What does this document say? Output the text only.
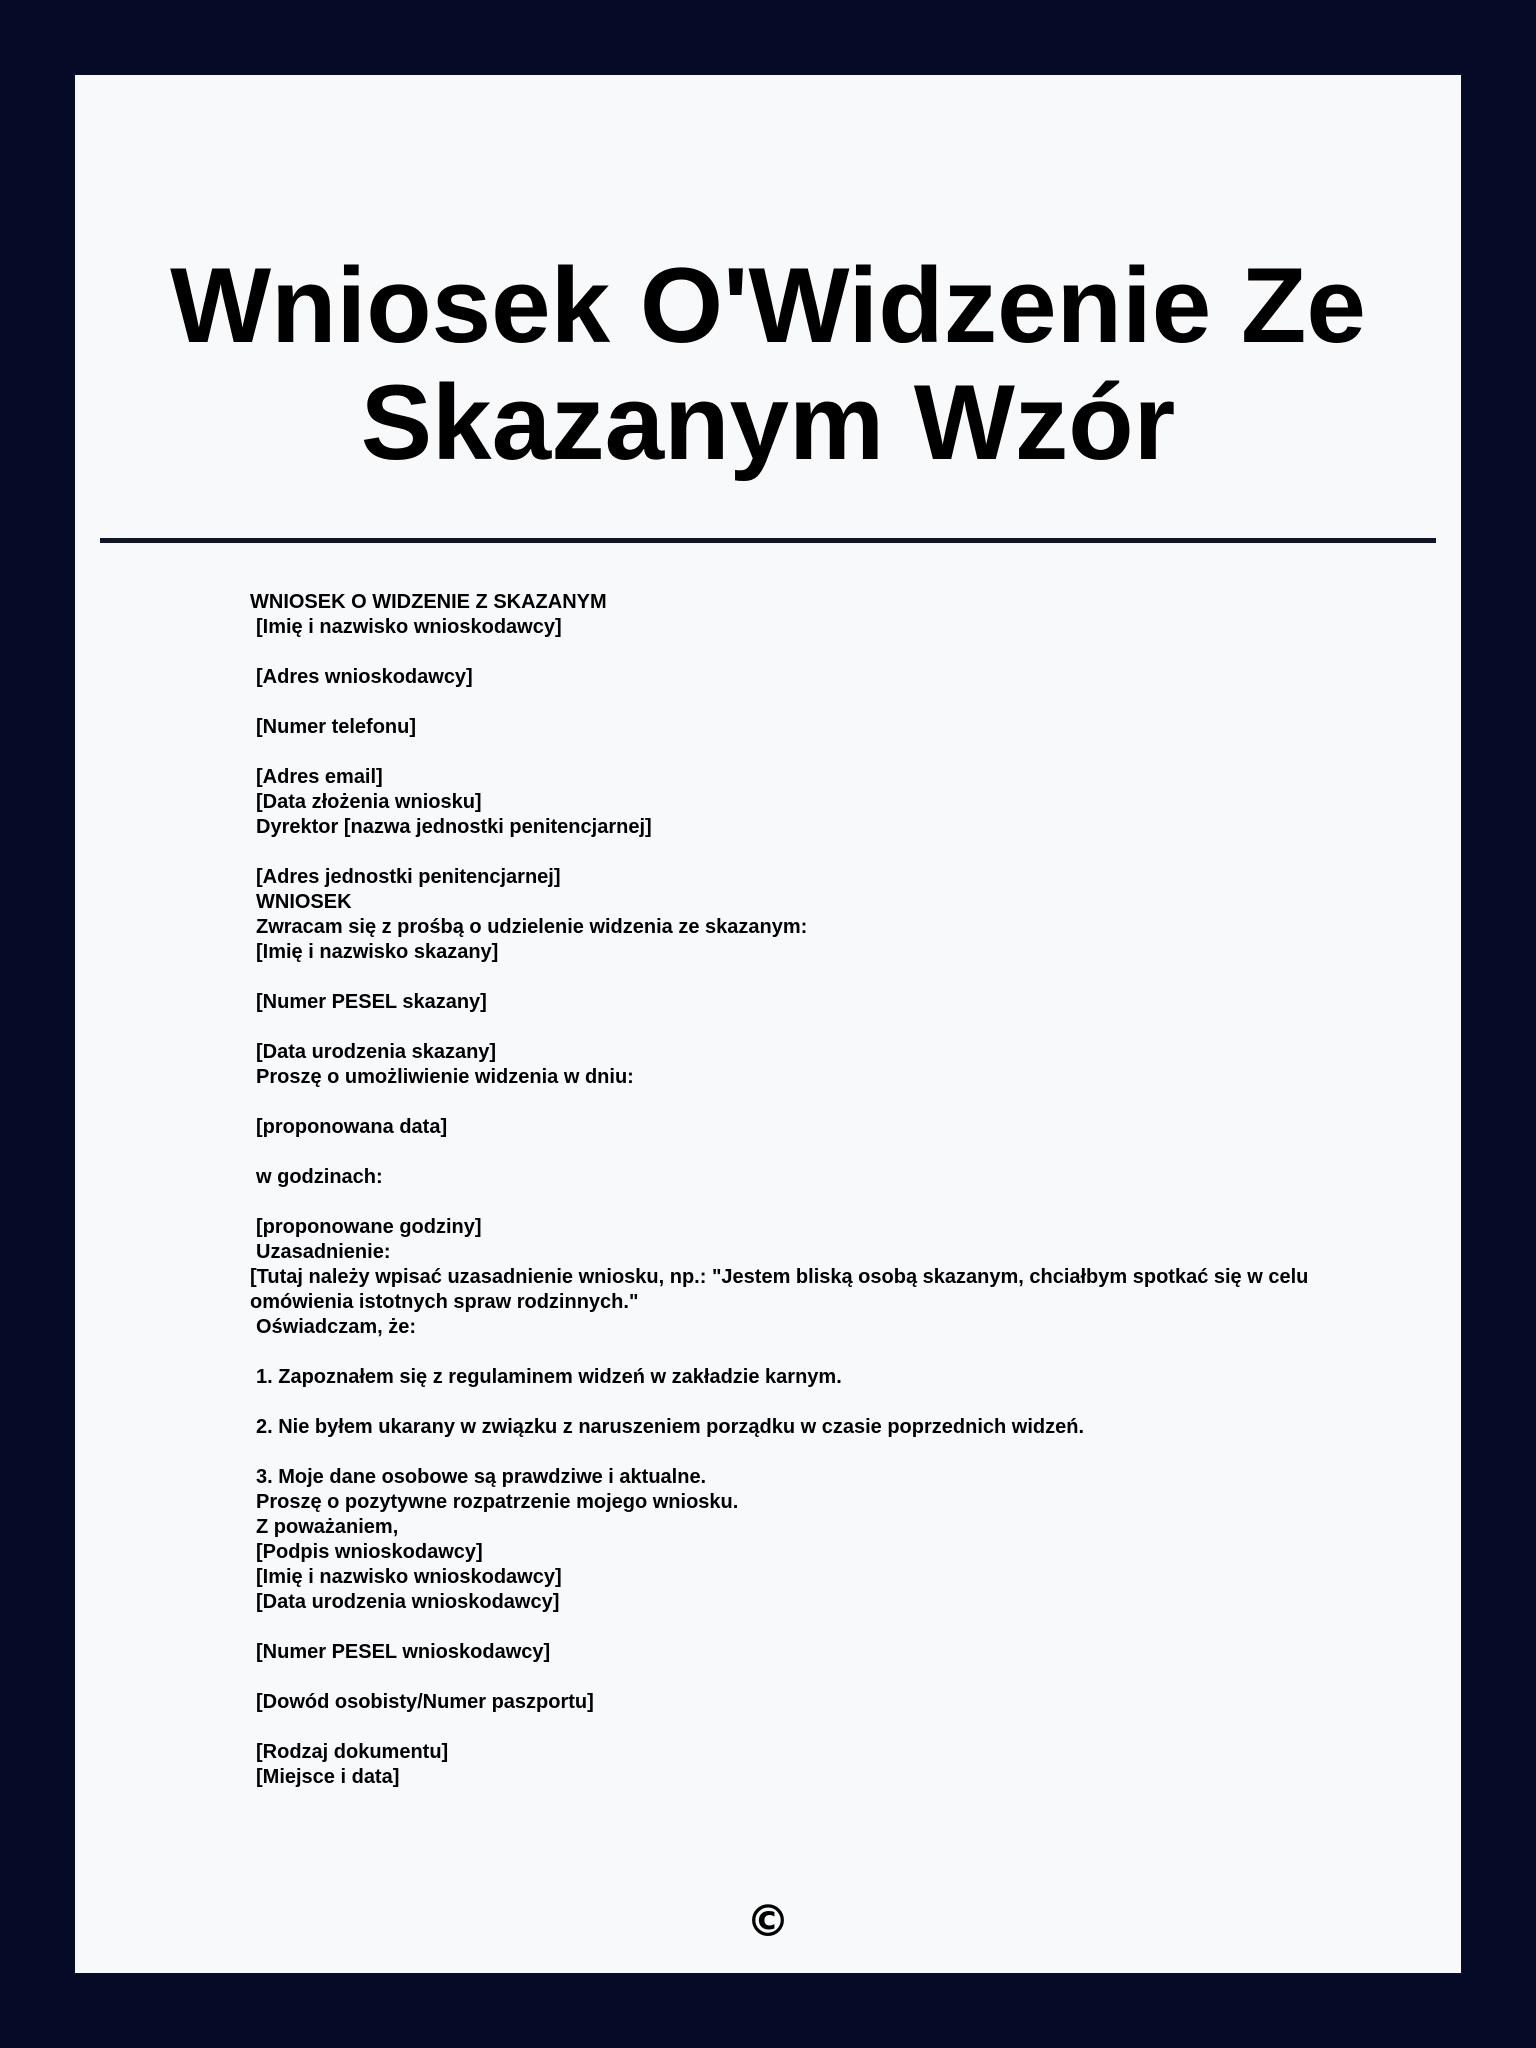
Wniosek O'Widzenie Ze Skazanym Wzór
WNIOSEK O WIDZENIE Z SKAZANYM
[Imię i nazwisko wnioskodawcy]
[Adres wnioskodawcy]
[Numer telefonu]
[Adres email]
[Data złożenia wniosku]
Dyrektor [nazwa jednostki penitencjarnej]
[Adres jednostki penitencjarnej]
WNIOSEK
Zwracam się z prośbą o udzielenie widzenia ze skazanym:
[Imię i nazwisko skazany]
[Numer PESEL skazany]
[Data urodzenia skazany]
Proszę o umożliwienie widzenia w dniu:
[proponowana data]
w godzinach:
[proponowane godziny]
Uzasadnienie:
[Tutaj należy wpisać uzasadnienie wniosku, np.: "Jestem bliską osobą skazanym, chciałbym spotkać się w celu omówienia istotnych spraw rodzinnych."
Oświadczam, że:
1. Zapoznałem się z regulaminem widzeń w zakładzie karnym.
2. Nie byłem ukarany w związku z naruszeniem porządku w czasie poprzednich widzeń.
3. Moje dane osobowe są prawdziwe i aktualne.
Proszę o pozytywne rozpatrzenie mojego wniosku.
Z poważaniem,
[Podpis wnioskodawcy]
[Imię i nazwisko wnioskodawcy]
[Data urodzenia wnioskodawcy]
[Numer PESEL wnioskodawcy]
[Dowód osobisty/Numer paszportu]
[Rodzaj dokumentu]
[Miejsce i data]
©
